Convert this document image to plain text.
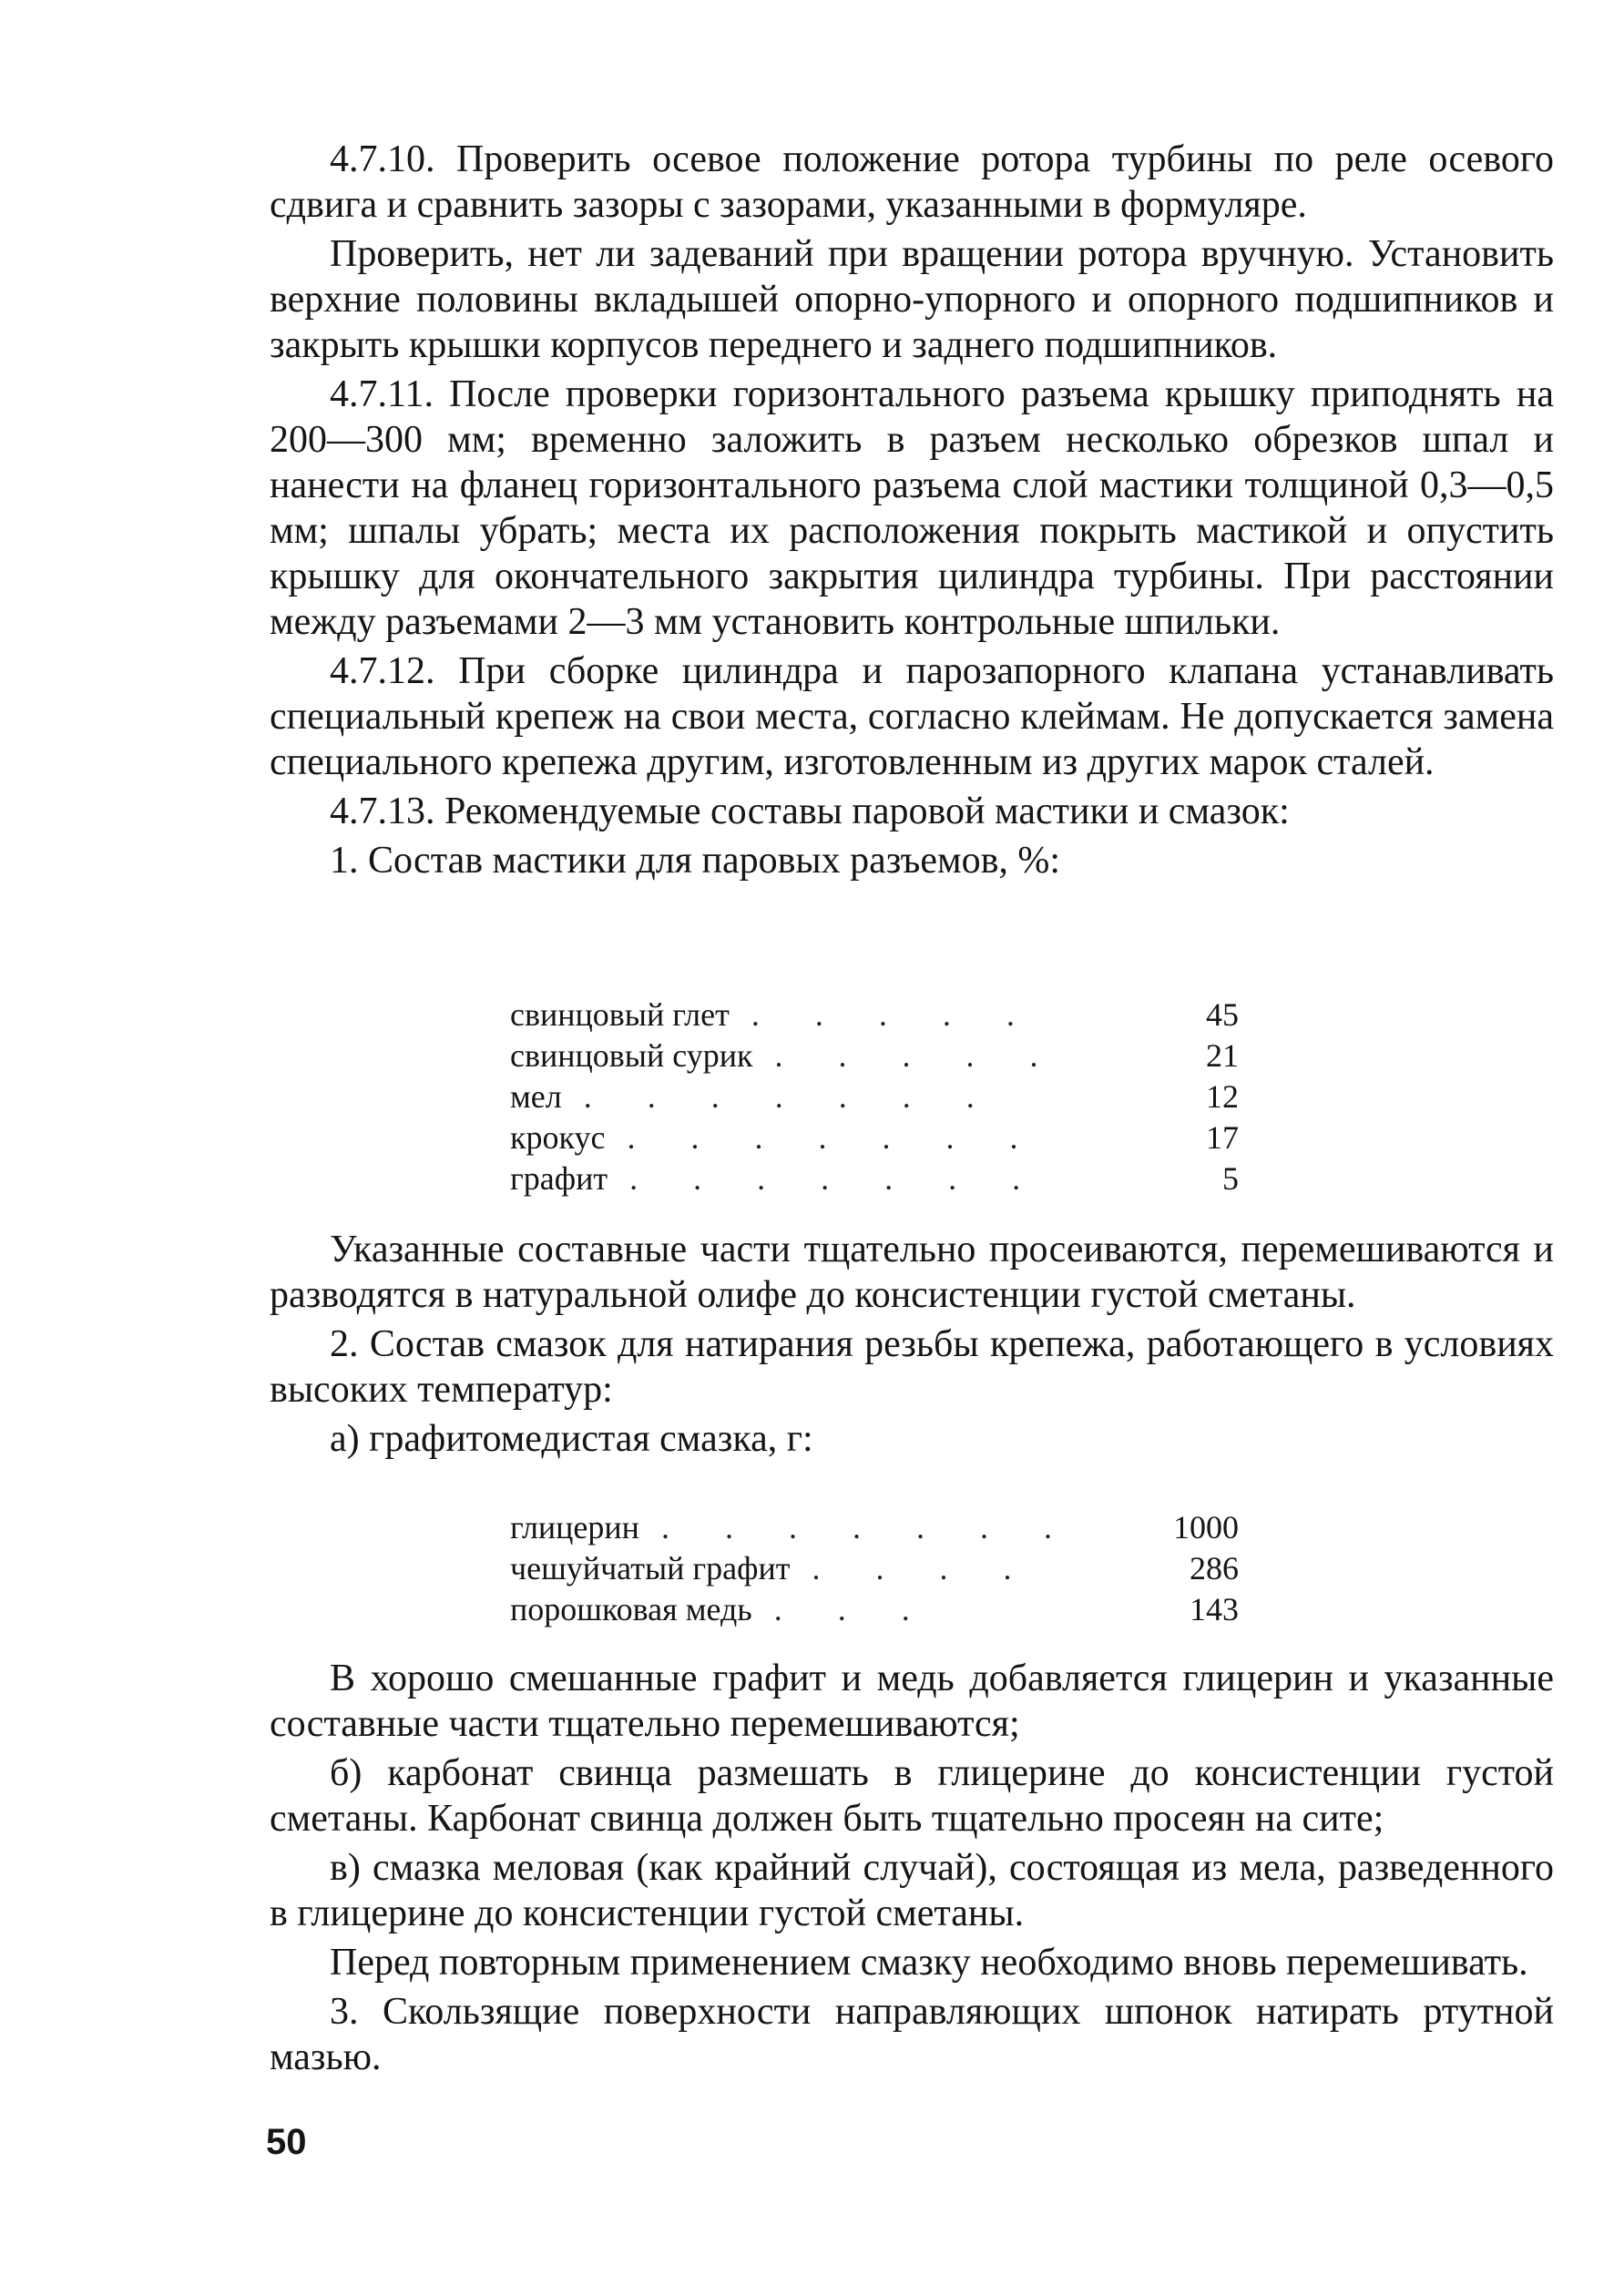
4.7.10. Проверить осевое положение ротора турбины по реле осевого сдвига и сравнить зазоры с зазорами, указанными в формуляре.

Проверить, нет ли задеваний при вращении ротора вручную. Установить верхние половины вкладышей опорно-упорного и опорного подшипников и закрыть крышки корпусов переднего и заднего подшипников.

4.7.11. После проверки горизонтального разъема крышку приподнять на 200—300 мм; временно заложить в разъем несколько обрезков шпал и нанести на фланец горизонтального разъема слой мастики толщиной 0,3—0,5 мм; шпалы убрать; места их расположения покрыть мастикой и опустить крышку для окончательного закрытия цилиндра турбины. При расстоянии между разъемами 2—3 мм установить контрольные шпильки.

4.7.12. При сборке цилиндра и парозапорного клапана устанавливать специальный крепеж на свои места, согласно клеймам. Не допускается замена специального крепежа другим, изготовленным из других марок сталей.

4.7.13. Рекомендуемые составы паровой мастики и смазок:

1. Состав мастики для паровых разъемов, %:

свинцовый глет . . . . .	45
свинцовый сурик . . . . .	21
мел . . . . . . .	12
крокус . . . . . . .	17
графит . . . . . . .	5

Указанные составные части тщательно просеиваются, перемешиваются и разводятся в натуральной олифе до консистенции густой сметаны.

2. Состав смазок для натирания резьбы крепежа, работающего в условиях высоких температур:

а) графитомедистая смазка, г:

глицерин . . . . . . .	1000
чешуйчатый графит . . . .	286
порошковая медь . . .	143

В хорошо смешанные графит и медь добавляется глицерин и указанные составные части тщательно перемешиваются;

б) карбонат свинца размешать в глицерине до консистенции густой сметаны. Карбонат свинца должен быть тщательно просеян на сите;

в) смазка меловая (как крайний случай), состоящая из мела, разведенного в глицерине до консистенции густой сметаны.

Перед повторным применением смазку необходимо вновь перемешивать.

3. Скользящие поверхности направляющих шпонок натирать ртутной мазью.

50
